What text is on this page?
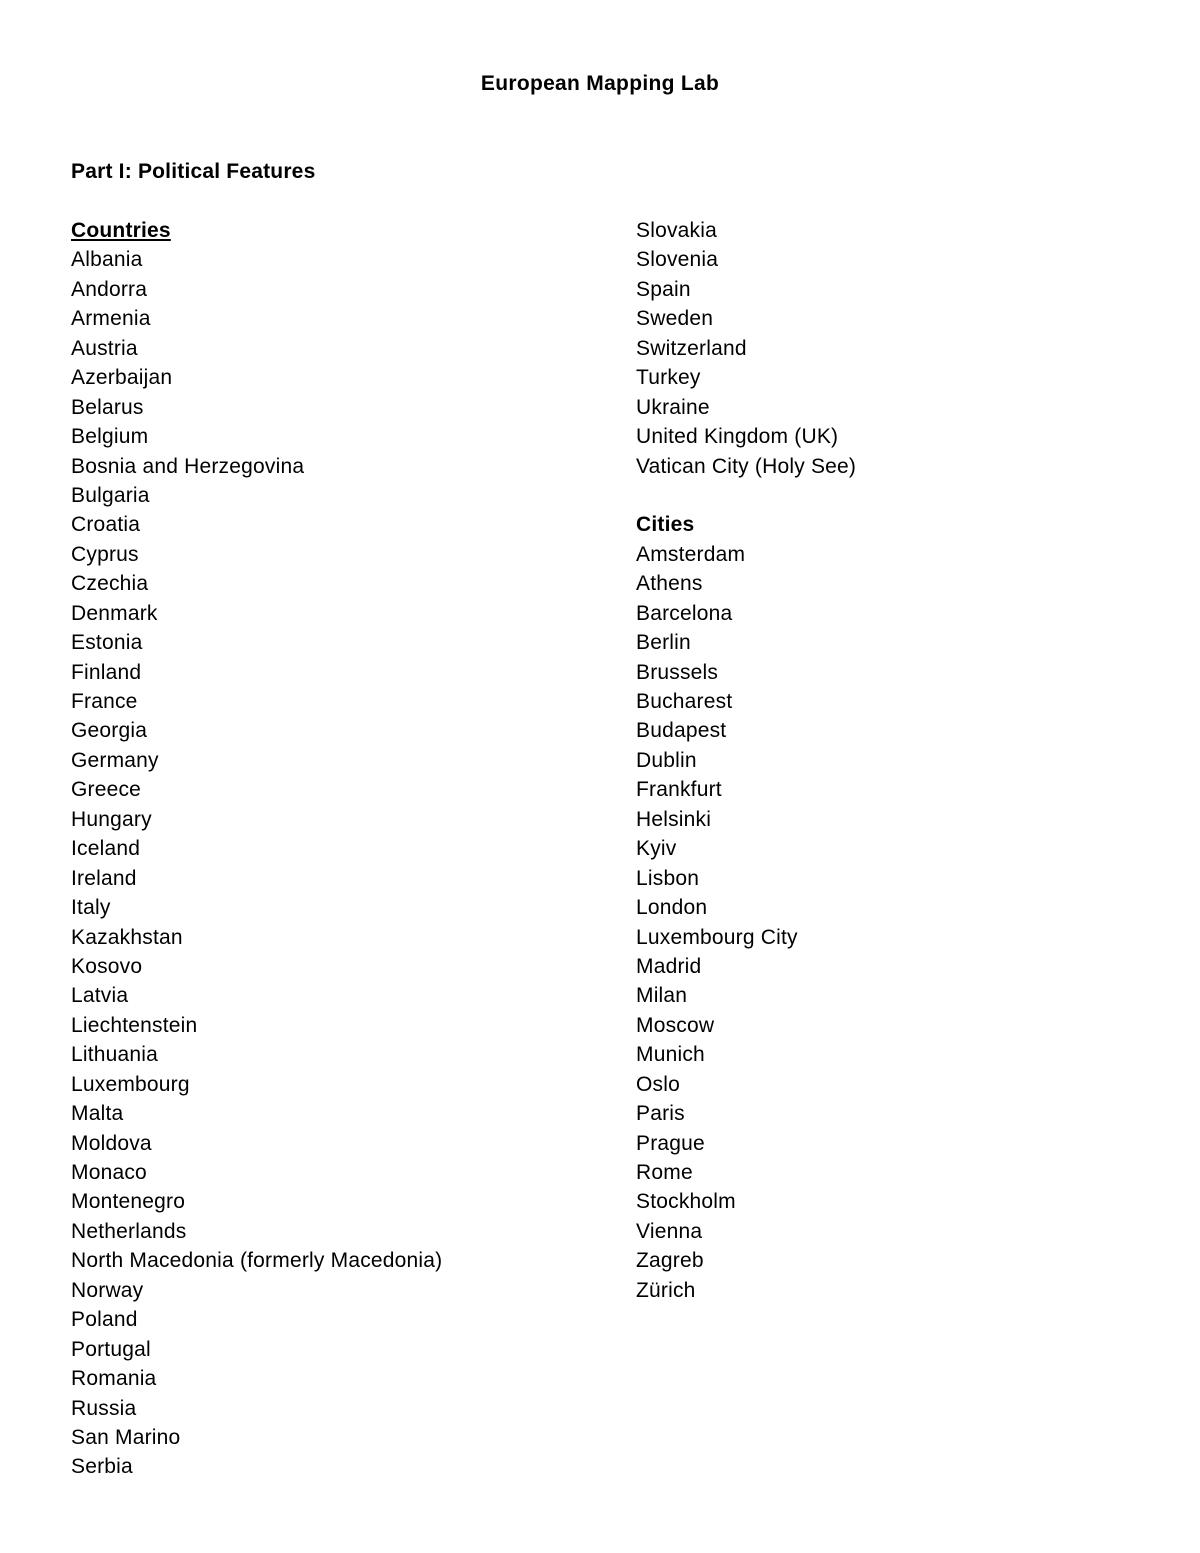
European Mapping Lab
Part I: Political Features
Countries
Albania
Andorra
Armenia
Austria
Azerbaijan
Belarus
Belgium
Bosnia and Herzegovina
Bulgaria
Croatia
Cyprus
Czechia
Denmark
Estonia
Finland
France
Georgia
Germany
Greece
Hungary
Iceland
Ireland
Italy
Kazakhstan
Kosovo
Latvia
Liechtenstein
Lithuania
Luxembourg
Malta
Moldova
Monaco
Montenegro
Netherlands
North Macedonia (formerly Macedonia)
Norway
Poland
Portugal
Romania
Russia
San Marino
Serbia
Slovakia
Slovenia
Spain
Sweden
Switzerland
Turkey
Ukraine
United Kingdom (UK)
Vatican City (Holy See)
Cities
Amsterdam
Athens
Barcelona
Berlin
Brussels
Bucharest
Budapest
Dublin
Frankfurt
Helsinki
Kyiv
Lisbon
London
Luxembourg City
Madrid
Milan
Moscow
Munich
Oslo
Paris
Prague
Rome
Stockholm
Vienna
Zagreb
Zürich
